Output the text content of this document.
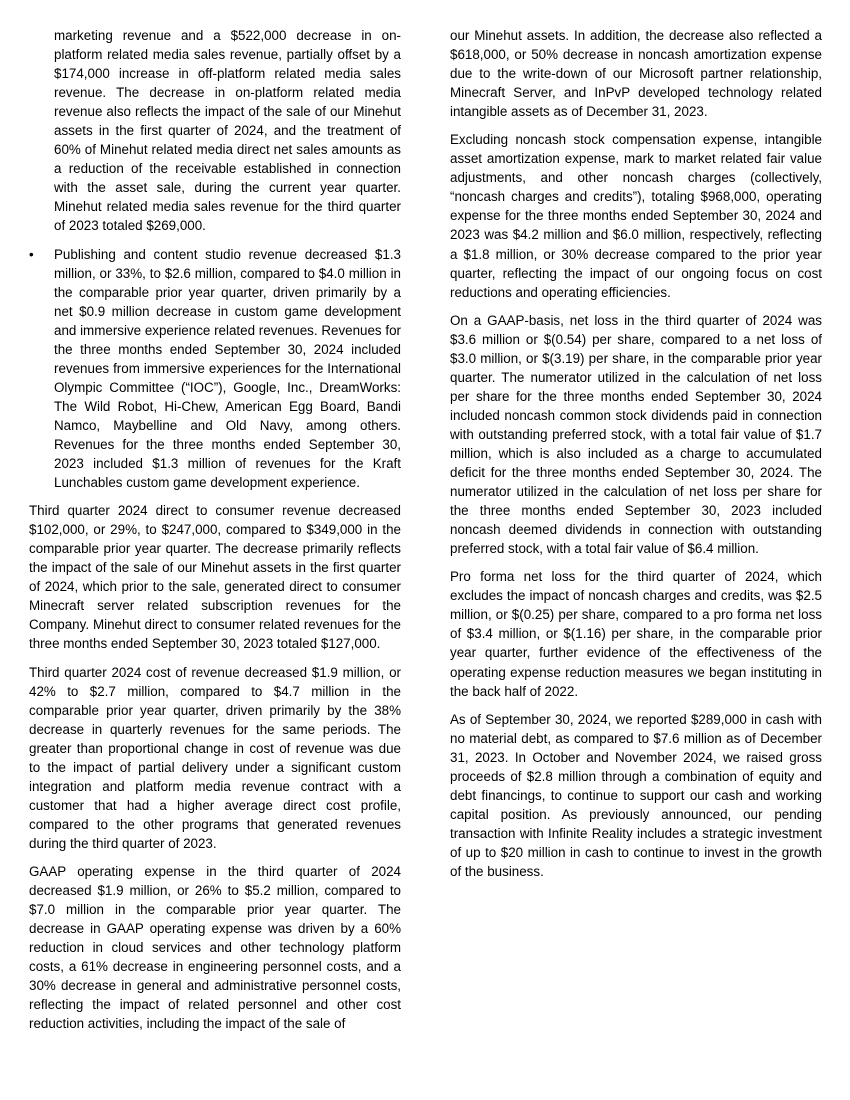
marketing revenue and a $522,000 decrease in on-platform related media sales revenue, partially offset by a $174,000 increase in off-platform related media sales revenue. The decrease in on-platform related media revenue also reflects the impact of the sale of our Minehut assets in the first quarter of 2024, and the treatment of 60% of Minehut related media direct net sales amounts as a reduction of the receivable established in connection with the asset sale, during the current year quarter. Minehut related media sales revenue for the third quarter of 2023 totaled $269,000.

•	Publishing and content studio revenue decreased $1.3 million, or 33%, to $2.6 million, compared to $4.0 million in the comparable prior year quarter, driven primarily by a net $0.9 million decrease in custom game development and immersive experience related revenues. Revenues for the three months ended September 30, 2024 included revenues from immersive experiences for the International Olympic Committee (“IOC”), Google, Inc., DreamWorks: The Wild Robot, Hi-Chew, American Egg Board, Bandi Namco, Maybelline and Old Navy, among others. Revenues for the three months ended September 30, 2023 included $1.3 million of revenues for the Kraft Lunchables custom game development experience.

Third quarter 2024 direct to consumer revenue decreased $102,000, or 29%, to $247,000, compared to $349,000 in the comparable prior year quarter. The decrease primarily reflects the impact of the sale of our Minehut assets in the first quarter of 2024, which prior to the sale, generated direct to consumer Minecraft server related subscription revenues for the Company. Minehut direct to consumer related revenues for the three months ended September 30, 2023 totaled $127,000.

Third quarter 2024 cost of revenue decreased $1.9 million, or 42% to $2.7 million, compared to $4.7 million in the comparable prior year quarter, driven primarily by the 38% decrease in quarterly revenues for the same periods. The greater than proportional change in cost of revenue was due to the impact of partial delivery under a significant custom integration and platform media revenue contract with a customer that had a higher average direct cost profile, compared to the other programs that generated revenues during the third quarter of 2023.

GAAP operating expense in the third quarter of 2024 decreased $1.9 million, or 26% to $5.2 million, compared to $7.0 million in the comparable prior year quarter. The decrease in GAAP operating expense was driven by a 60% reduction in cloud services and other technology platform costs, a 61% decrease in engineering personnel costs, and a 30% decrease in general and administrative personnel costs, reflecting the impact of related personnel and other cost reduction activities, including the impact of the sale of

our Minehut assets. In addition, the decrease also reflected a $618,000, or 50% decrease in noncash amortization expense due to the write-down of our Microsoft partner relationship, Minecraft Server, and InPvP developed technology related intangible assets as of December 31, 2023.

Excluding noncash stock compensation expense, intangible asset amortization expense, mark to market related fair value adjustments, and other noncash charges (collectively, “noncash charges and credits”), totaling $968,000, operating expense for the three months ended September 30, 2024 and 2023 was $4.2 million and $6.0 million, respectively, reflecting a $1.8 million, or 30% decrease compared to the prior year quarter, reflecting the impact of our ongoing focus on cost reductions and operating efficiencies.

On a GAAP-basis, net loss in the third quarter of 2024 was $3.6 million or $(0.54) per share, compared to a net loss of $3.0 million, or $(3.19) per share, in the comparable prior year quarter. The numerator utilized in the calculation of net loss per share for the three months ended September 30, 2024 included noncash common stock dividends paid in connection with outstanding preferred stock, with a total fair value of $1.7 million, which is also included as a charge to accumulated deficit for the three months ended September 30, 2024. The numerator utilized in the calculation of net loss per share for the three months ended September 30, 2023 included noncash deemed dividends in connection with outstanding preferred stock, with a total fair value of $6.4 million.

Pro forma net loss for the third quarter of 2024, which excludes the impact of noncash charges and credits, was $2.5 million, or $(0.25) per share, compared to a pro forma net loss of $3.4 million, or $(1.16) per share, in the comparable prior year quarter, further evidence of the effectiveness of the operating expense reduction measures we began instituting in the back half of 2022.

As of September 30, 2024, we reported $289,000 in cash with no material debt, as compared to $7.6 million as of December 31, 2023. In October and November 2024, we raised gross proceeds of $2.8 million through a combination of equity and debt financings, to continue to support our cash and working capital position. As previously announced, our pending transaction with Infinite Reality includes a strategic investment of up to $20 million in cash to continue to invest in the growth of the business.
